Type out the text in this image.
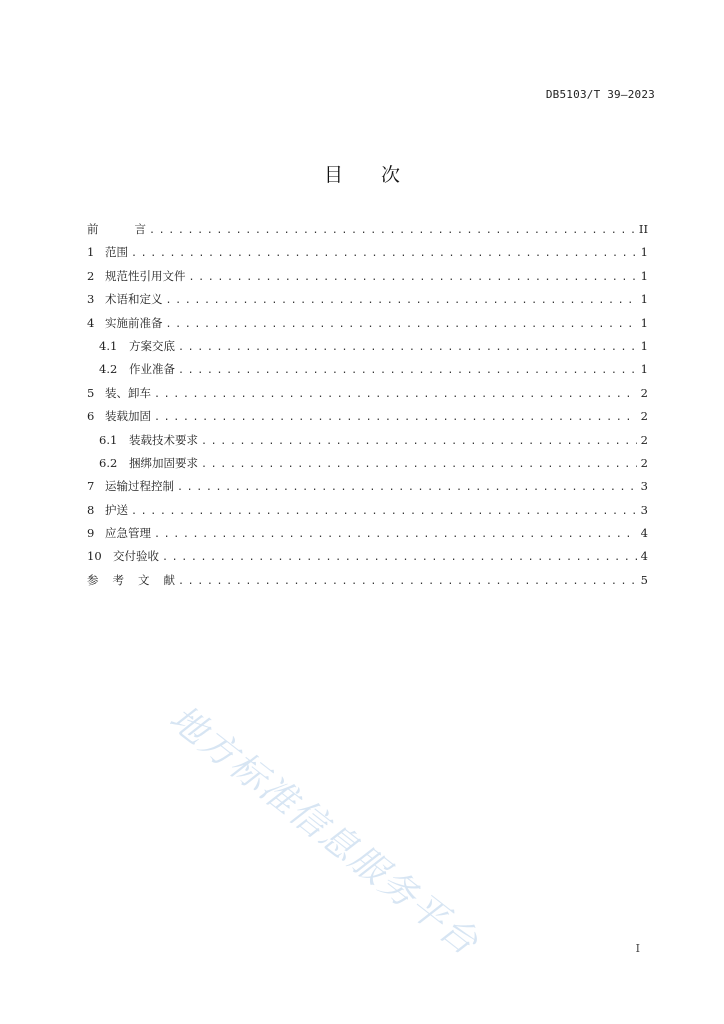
DB5103/T 39—2023
目 次
前	言 .....	II
1 范围 .....	1
2 规范性引用文件 .....	1
3 术语和定义 .....	1
4 实施前准备 .....	1
4.1	方案交底 .....	1
4.2	作业准备 .....	1
5 装、卸车 .....	2
6 装载加固 .....	2
6.1	装载技术要求 .....	2
6.2	捆绑加固要求 .....	2
7 运输过程控制 .....	3
8 护送 .....	3
9 应急管理 .....	4
10 交付验收 .....	4
参 考 文 献 .....	5
地方标准信息服务平台	I
